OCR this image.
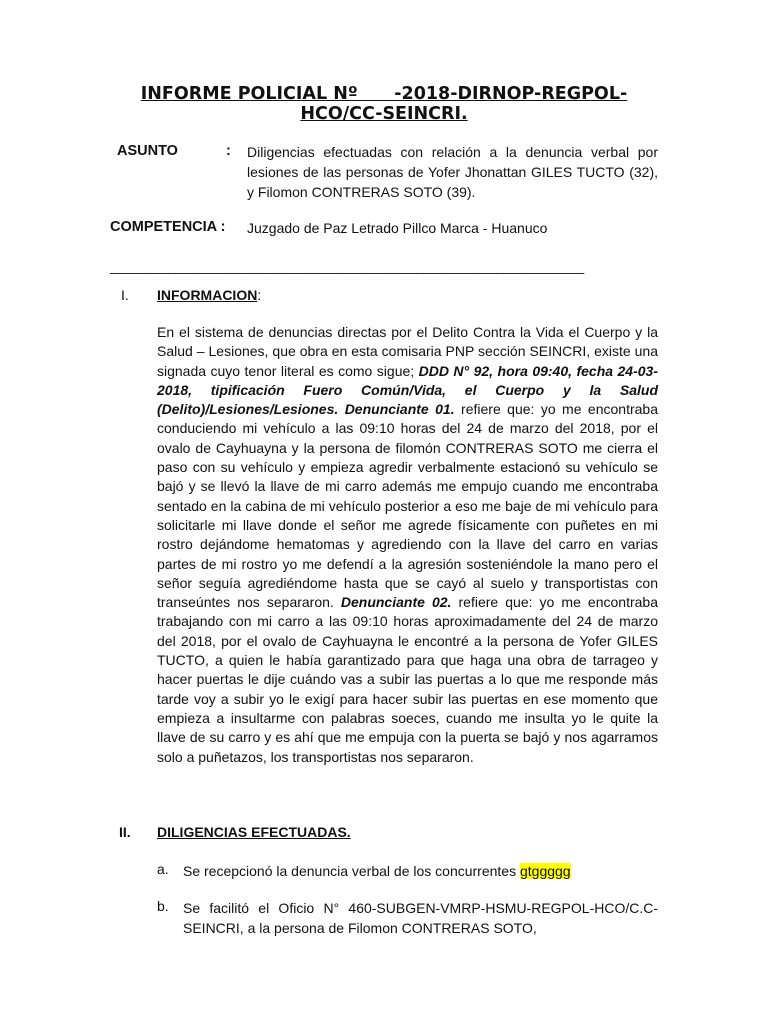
INFORME POLICIAL Nº      -2018-DIRNOP-REGPOL-
HCO/CC-SEINCRI.
ASUNTO	: Diligencias efectuadas con relación a la denuncia verbal por lesiones de las personas de Yofer Jhonattan GILES TUCTO (32), y Filomon CONTRERAS SOTO (39).

COMPETENCIA : Juzgado de Paz Letrado Pillco Marca - Huanuco
_________________________________________________________________
I. INFORMACION:

En el sistema de denuncias directas por el Delito Contra la Vida el Cuerpo y la Salud – Lesiones, que obra en esta comisaria PNP sección SEINCRI, existe una signada cuyo tenor literal es como sigue; DDD N° 92, hora 09:40, fecha 24-03-2018, tipificación Fuero Común/Vida, el Cuerpo y la Salud (Delito)/Lesiones/Lesiones. Denunciante 01. refiere que: yo me encontraba conduciendo mi vehículo a las 09:10 horas del 24 de marzo del 2018, por el ovalo de Cayhuayna y la persona de filomón CONTRERAS SOTO me cierra el paso con su vehículo y empieza agredir verbalmente estacionó su vehículo se bajó y se llevó la llave de mi carro además me empujo cuando me encontraba sentado en la cabina de mi vehículo posterior a eso me baje de mi vehículo para solicitarle mi llave donde el señor me agrede físicamente con puñetes en mi rostro dejándome hematomas y agrediendo con la llave del carro en varias partes de mi rostro yo me defendí a la agresión sosteniéndole la mano pero el señor seguía agrediéndome hasta que se cayó al suelo y transportistas con transeúntes nos separaron. Denunciante 02. refiere que: yo me encontraba trabajando con mi carro a las 09:10 horas aproximadamente del 24 de marzo del 2018, por el ovalo de Cayhuayna le encontré a la persona de Yofer GILES TUCTO, a quien le había garantizado para que haga una obra de tarrageo y hacer puertas le dije cuándo vas a subir las puertas a lo que me responde más tarde voy a subir yo le exigí para hacer subir las puertas en ese momento que empieza a insultarme con palabras soeces, cuando me insulta yo le quite la llave de su carro y es ahí que me empuja con la puerta se bajó y nos agarramos solo a puñetazos, los transportistas nos separaron.

II. DILIGENCIAS EFECTUADAS.
a. Se recepcionó la denuncia verbal de los concurrentes gtggggg

b. Se facilitó el Oficio N° 460-SUBGEN-VMRP-HSMU-REGPOL-HCO/C.C-SEINCRI, a la persona de Filomon CONTRERAS SOTO,
